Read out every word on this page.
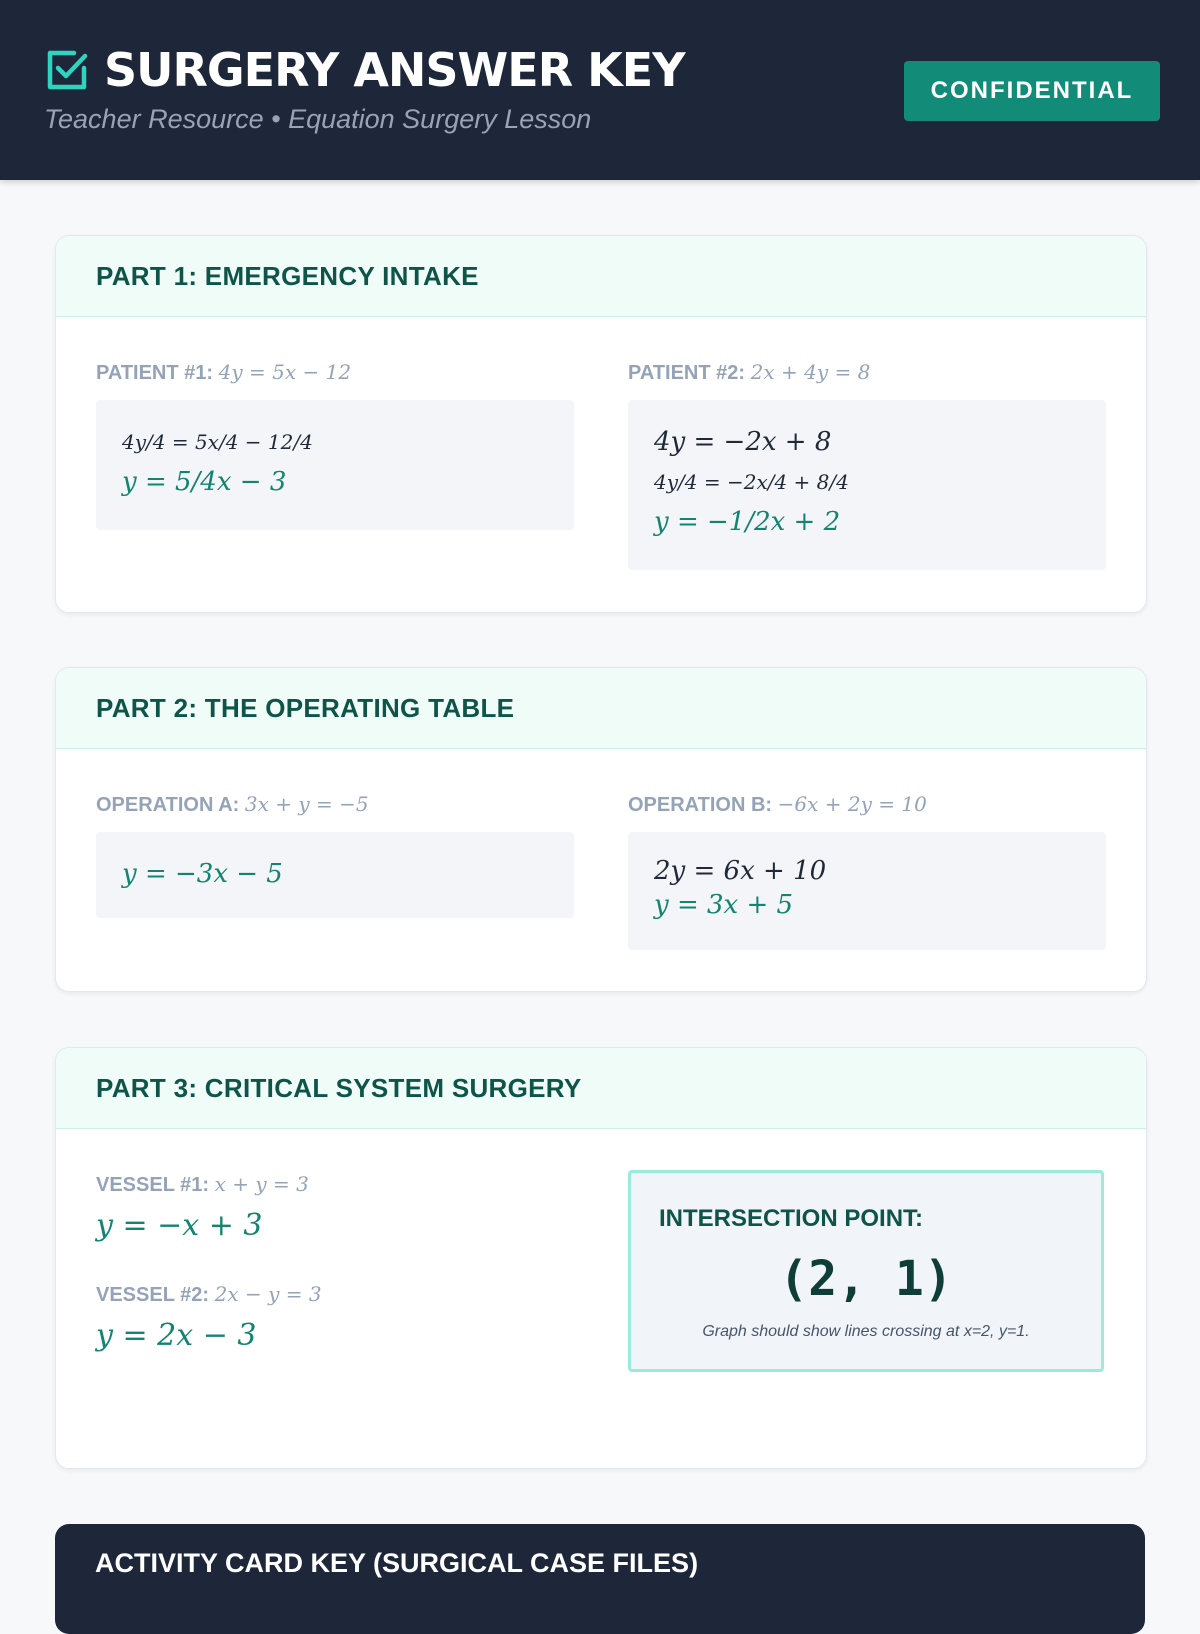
SURGERY ANSWER KEY
Teacher Resource • Equation Surgery Lesson
CONFIDENTIAL
PART 1: EMERGENCY INTAKE
PATIENT #1: 4y = 5x − 12
4y/4 = 5x/4 − 12/4
y = 5/4x − 3
PATIENT #2: 2x + 4y = 8
4y = −2x + 8
4y/4 = −2x/4 + 8/4
y = −1/2x + 2
PART 2: THE OPERATING TABLE
OPERATION A: 3x + y = −5
y = −3x − 5
OPERATION B: −6x + 2y = 10
2y = 6x + 10
y = 3x + 5
PART 3: CRITICAL SYSTEM SURGERY
VESSEL #1: x + y = 3
y = −x + 3
VESSEL #2: 2x − y = 3
y = 2x − 3
INTERSECTION POINT:
(2, 1)
Graph should show lines crossing at x=2, y=1.
ACTIVITY CARD KEY (SURGICAL CASE FILES)
